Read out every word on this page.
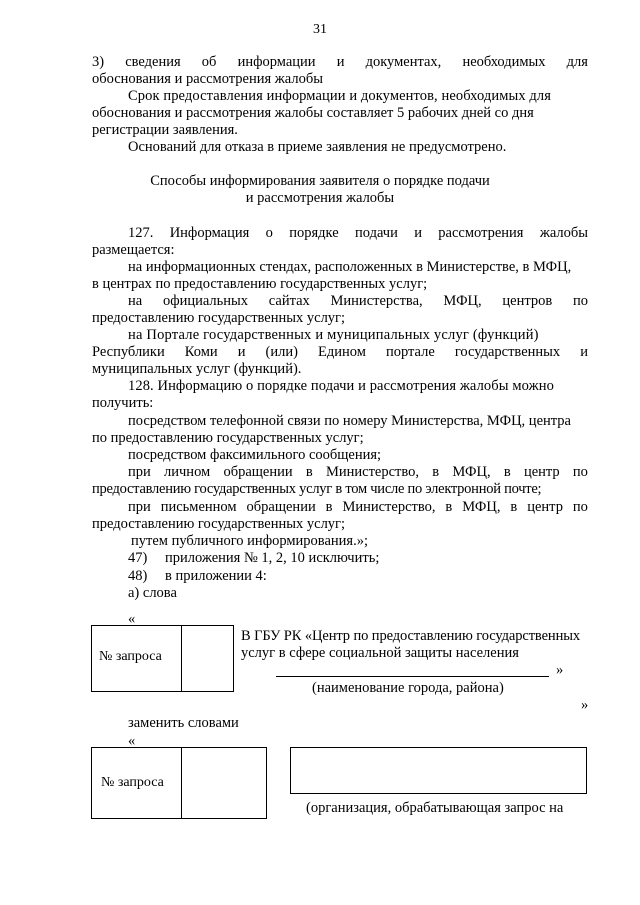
31
3) сведения об информации и документах, необходимых для
обоснования и рассмотрения жалобы
Срок предоставления информации и документов, необходимых для
обоснования и рассмотрения жалобы составляет 5 рабочих дней со дня
регистрации заявления.
Оснований для отказа в приеме заявления не предусмотрено.
Способы информирования заявителя о порядке подачи
и рассмотрения жалобы
127. Информация о порядке подачи и рассмотрения жалобы
размещается:
на информационных стендах, расположенных в Министерстве, в МФЦ,
в центрах по предоставлению государственных услуг;
на официальных сайтах Министерства, МФЦ, центров по
предоставлению государственных услуг;
на Портале государственных и муниципальных услуг (функций)
Республики Коми и (или) Едином портале государственных и
муниципальных услуг (функций).
128. Информацию о порядке подачи и рассмотрения жалобы можно
получить:
посредством телефонной связи по номеру Министерства, МФЦ, центра
по предоставлению государственных услуг;
посредством факсимильного сообщения;
при личном обращении в Министерство, в МФЦ, в центр по
предоставлению государственных услуг в том числе по электронной почте;
при письменном обращении в Министерство, в МФЦ, в центр по
предоставлению государственных услуг;
путем публичного информирования.»;
47) приложения № 1, 2, 10 исключить;
48) в приложении 4:
а) слова
«
№ запроса
В ГБУ РК «Центр по предоставлению государственных
услуг в сфере социальной защиты населения
»
(наименование города, района)
»
заменить словами
«
№ запроса
(организация, обрабатывающая запрос на
